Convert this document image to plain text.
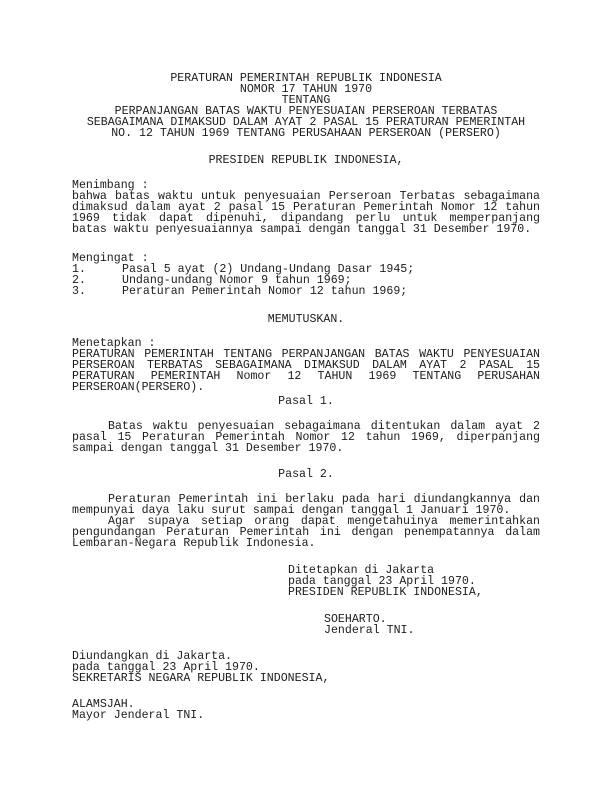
PERATURAN PEMERINTAH REPUBLIK INDONESIA
NOMOR 17 TAHUN 1970
TENTANG
PERPANJANGAN BATAS WAKTU PENYESUAIAN PERSEROAN TERBATAS
SEBAGAIMANA DIMAKSUD DALAM AYAT 2 PASAL 15 PERATURAN PEMERINTAH
NO. 12 TAHUN 1969 TENTANG PERUSAHAAN PERSEROAN (PERSERO)
PRESIDEN REPUBLIK INDONESIA,
Menimbang :
bahwa batas waktu untuk penyesuaian Perseroan Terbatas sebagaimana
dimaksud dalam ayat 2 pasal 15 Peraturan Pemerintah Nomor 12 tahun
1969 tidak dapat dipenuhi, dipandang perlu untuk memperpanjang
batas waktu penyesuaiannya sampai dengan tanggal 31 Desember 1970.
Mengingat :
1.	Pasal 5 ayat (2) Undang-Undang Dasar 1945;
2.	Undang-undang Nomor 9 tahun 1969;
3.	Peraturan Pemerintah Nomor 12 tahun 1969;
MEMUTUSKAN.
Menetapkan :
PERATURAN PEMERINTAH TENTANG PERPANJANGAN BATAS WAKTU PENYESUAIAN
PERSEROAN TERBATAS SEBAGAIMANA DIMAKSUD DALAM AYAT 2 PASAL 15
PERATURAN PEMERINTAH Nomor 12 TAHUN 1969 TENTANG PERUSAHAN
PERSEROAN(PERSERO).
Pasal 1.
Batas waktu penyesuaian sebagaimana ditentukan dalam ayat 2
pasal 15 Peraturan Pemerintah Nomor 12 tahun 1969, diperpanjang
sampai dengan tanggal 31 Desember 1970.
Pasal 2.
Peraturan Pemerintah ini berlaku pada hari diundangkannya dan
mempunyai daya laku surut sampai dengan tanggal 1 Januari 1970.
Agar supaya setiap orang dapat mengetahuinya memerintahkan
pengundangan Peraturan Pemerintah ini dengan penempatannya dalam
Lembaran-Negara Republik Indonesia.
Ditetapkan di Jakarta
pada tanggal 23 April 1970.
PRESIDEN REPUBLIK INDONESIA,
SOEHARTO.
Jenderal TNI.
Diundangkan di Jakarta.
pada tanggal 23 April 1970.
SEKRETARIS NEGARA REPUBLIK INDONESIA,
ALAMSJAH.
Mayor Jenderal TNI.
